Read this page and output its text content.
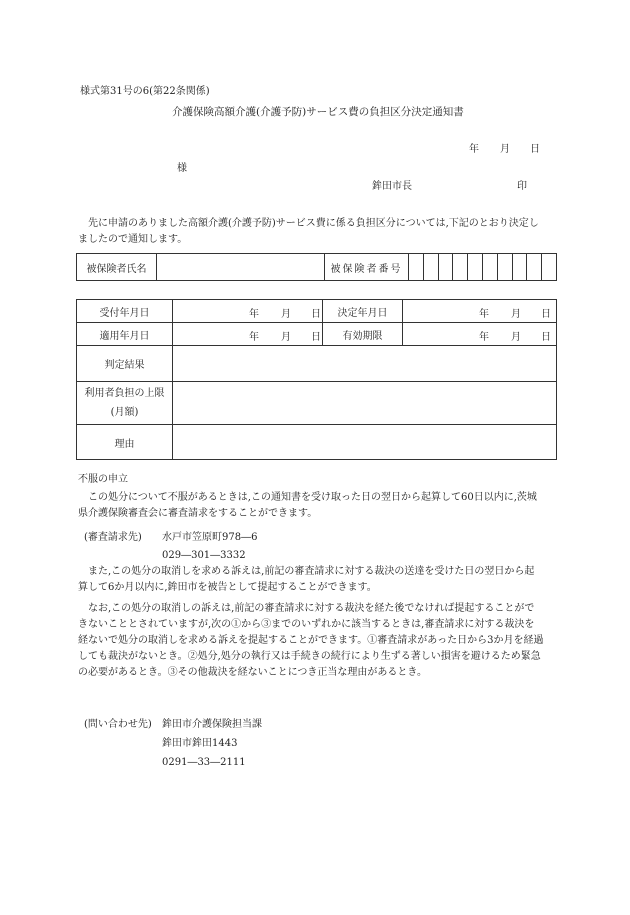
様式第31号の6(第22条関係)
介護保険高額介護(介護予防)サービス費の負担区分決定通知書
年 月 日
様
鉾田市長	印
先に申請のありました高額介護(介護予防)サービス費に係る負担区分については,下記のとおり決定し
ましたので通知します。
被保険者氏名		被保険者番号										
受付年月日	年 月 日	決定年月日	年 月 日

適用年月日	年 月 日	有効期限	年 月 日

判定結果			

利用者負担の上限
(月額)			

理由			
不服の申立
この処分について不服があるときは,この通知書を受け取った日の翌日から起算して60日以内に,茨城
県介護保険審査会に審査請求をすることができます。
(審査請求先) 水戸市笠原町978―6
029―301―3332
また,この処分の取消しを求める訴えは,前記の審査請求に対する裁決の送達を受けた日の翌日から起
算して6か月以内に,鉾田市を被告として提起することができます。
なお,この処分の取消しの訴えは,前記の審査請求に対する裁決を経た後でなければ提起することがで
きないこととされていますが,次の①から③までのいずれかに該当するときは,審査請求に対する裁決を
経ないで処分の取消しを求める訴えを提起することができます。①審査請求があった日から3か月を経過
しても裁決がないとき。②処分,処分の執行又は手続きの続行により生ずる著しい損害を避けるため緊急
の必要があるとき。③その他裁決を経ないことにつき正当な理由があるとき。
(問い合わせ先) 鉾田市介護保険担当課
鉾田市鉾田1443
0291―33―2111
